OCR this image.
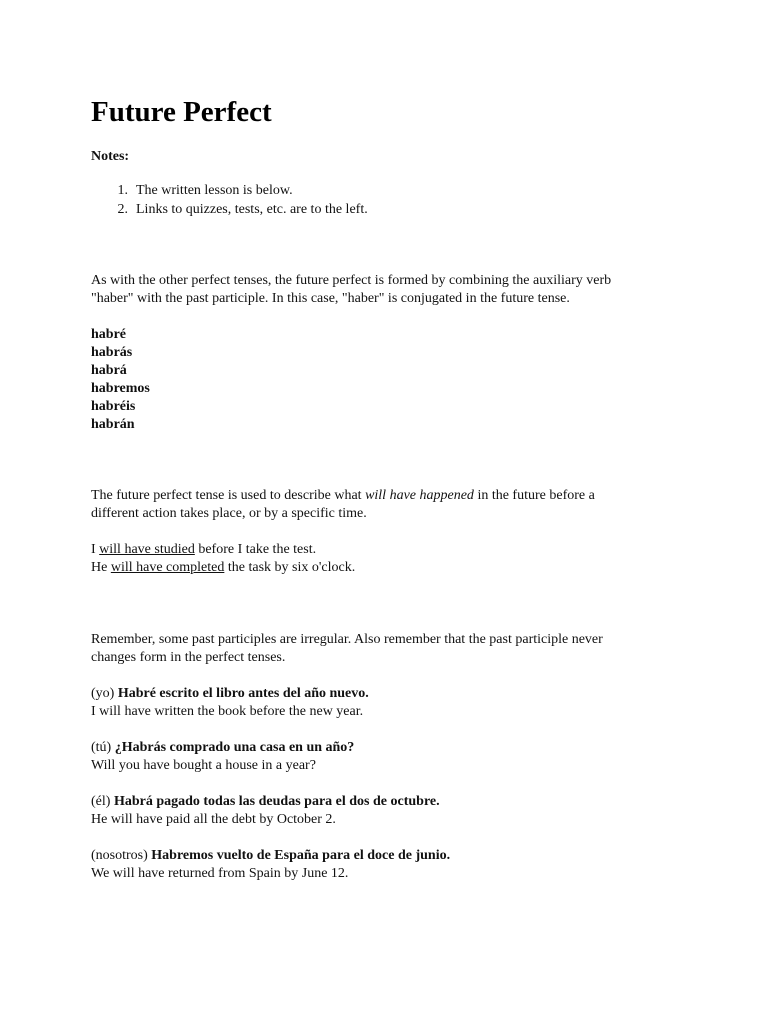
Future Perfect
Notes:
1. The written lesson is below.
2. Links to quizzes, tests, etc. are to the left.

As with the other perfect tenses, the future perfect is formed by combining the auxiliary verb

"haber" with the past participle. In this case, "haber" is conjugated in the future tense.

habré
habrás
habrá
habremos
habréis
habrán

The future perfect tense is used to describe what will have happened in the future before a

different action takes place, or by a specific time.

I will have studied before I take the test.
He will have completed the task by six o'clock.

Remember, some past participles are irregular. Also remember that the past participle never

changes form in the perfect tenses.

(yo) Habré escrito el libro antes del año nuevo.
I will have written the book before the new year.
(tú) ¿Habrás comprado una casa en un año?
Will you have bought a house in a year?
(él) Habrá pagado todas las deudas para el dos de octubre.
He will have paid all the debt by October 2.
(nosotros) Habremos vuelto de España para el doce de junio.
We will have returned from Spain by June 12.
